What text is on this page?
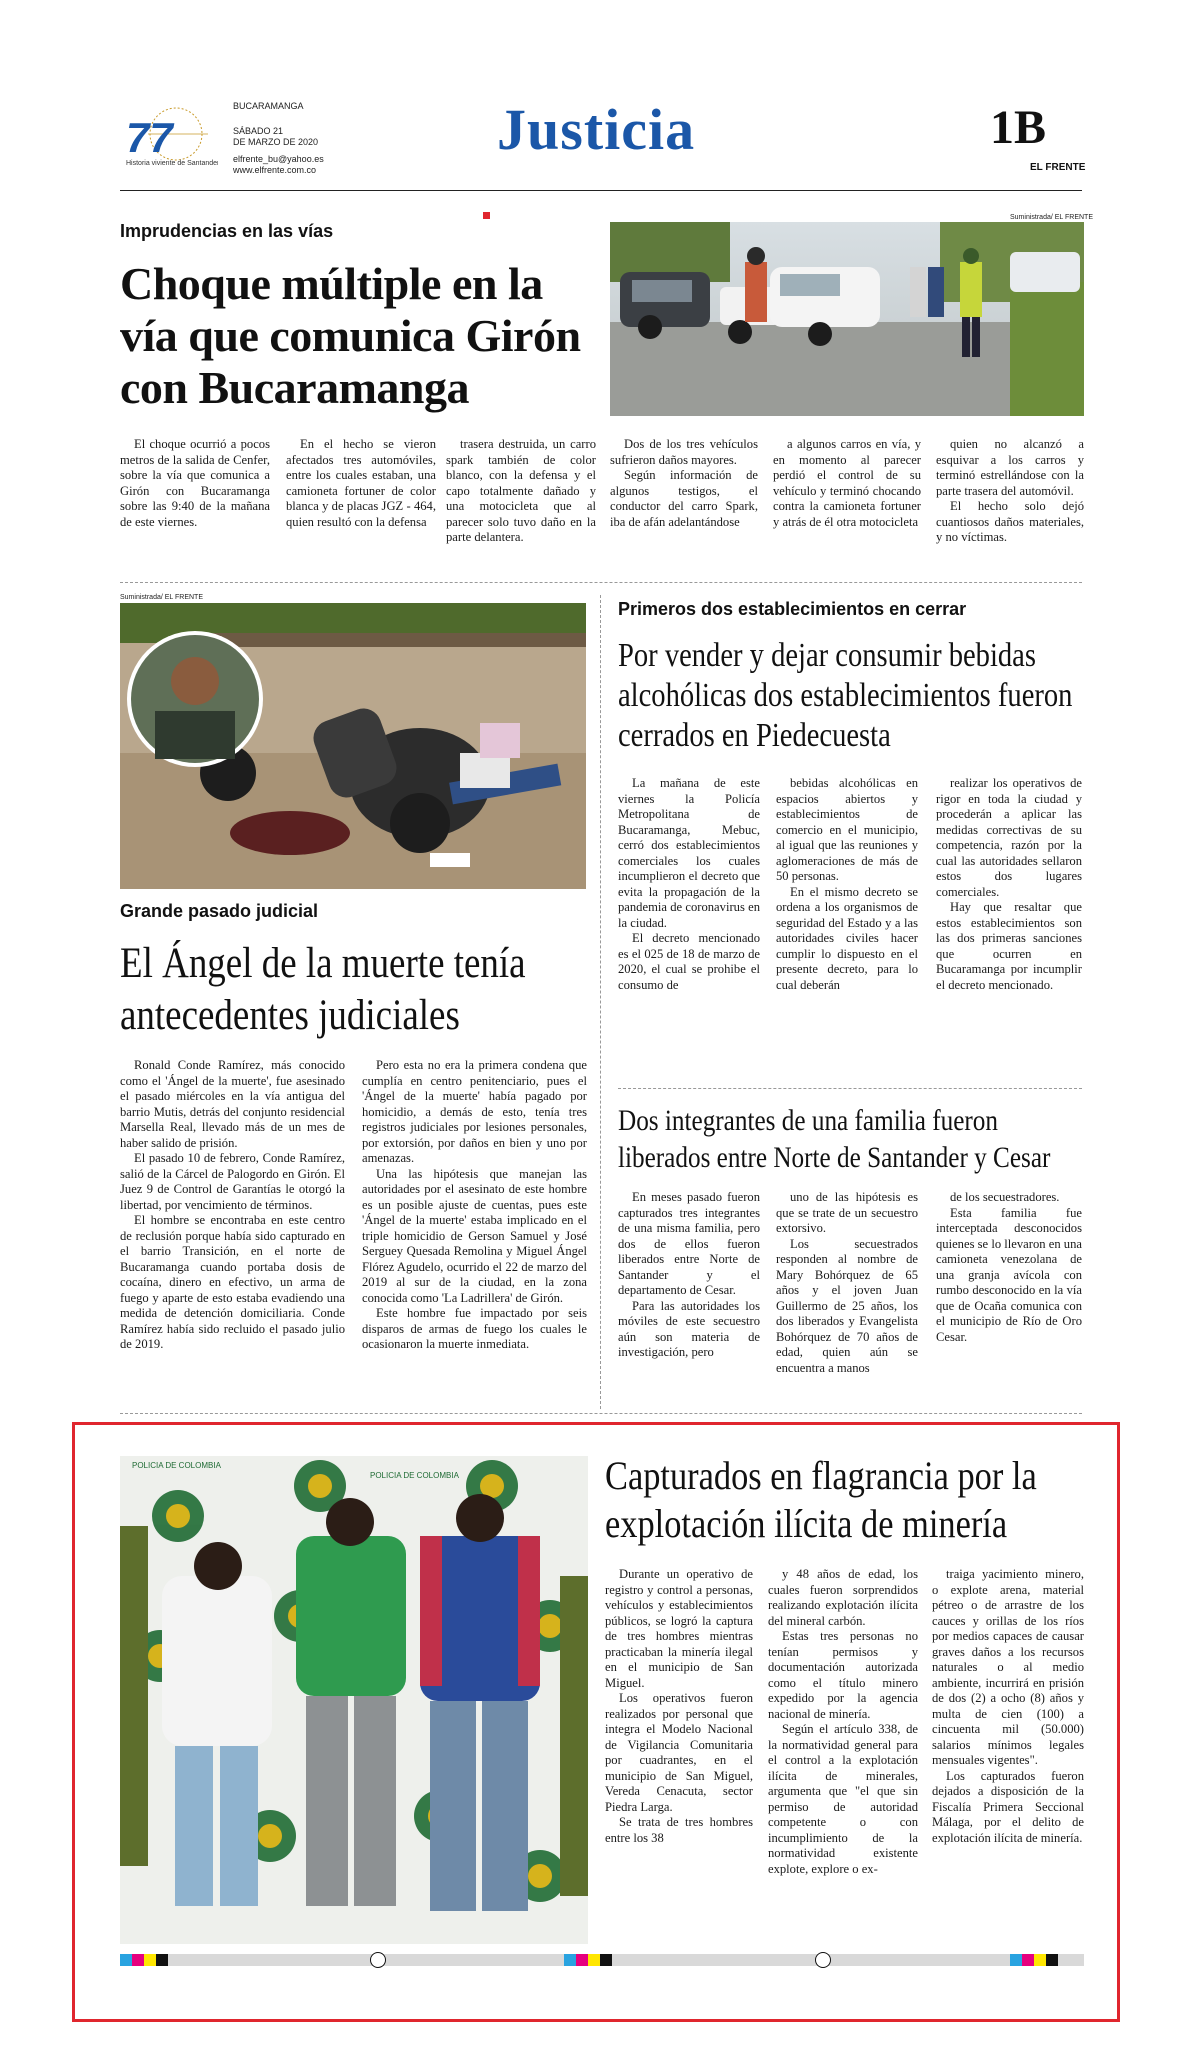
77
Historia viviente de Santander
BUCARAMANGA
SÁBADO 21
DE MARZO DE 2020
elfrente_bu@yahoo.es
www.elfrente.com.co
Justicia	1B
EL FRENTE
Imprudencias en las vías
Choque múltiple en la vía que comunica Girón con Bucaramanga
Suministrada/ EL FRENTE

El choque ocurrió a pocos metros de la salida de Cenfer, sobre la vía que comunica a Girón con Bucaramanga sobre las 9:40 de la mañana de este viernes.

En el hecho se vieron afectados tres automóviles, entre los cuales estaban, una camioneta fortuner de color blanca y de placas JGZ - 464, quien resultó con la defensa

trasera destruida, un carro spark también de color blanco, con la defensa y el capo totalmente dañado y una motocicleta que al parecer solo tuvo daño en la parte delantera.

Dos de los tres vehículos sufrieron daños mayores.

Según información de algunos testigos, el conductor del carro Spark, iba de afán adelantándose

a algunos carros en vía, y en momento al parecer perdió el control de su vehículo y terminó chocando contra la camioneta fortuner y atrás de él otra motocicleta

quien no alcanzó a esquivar a los carros y terminó estrellándose con la parte trasera del automóvil.

El hecho solo dejó cuantiosos daños materiales, y no víctimas.

Suministrada/ EL FRENTE
Grande pasado judicial
El Ángel de la muerte tenía antecedentes judiciales

Ronald Conde Ramírez, más conocido como el 'Ángel de la muerte', fue asesinado el pasado miércoles en la vía antigua del barrio Mutis, detrás del conjunto residencial Marsella Real, llevado más de un mes de haber salido de prisión.

El pasado 10 de febrero, Conde Ramírez, salió de la Cárcel de Palogordo en Girón. El Juez 9 de Control de Garantías le otorgó la libertad, por vencimiento de términos.

El hombre se encontraba en este centro de reclusión porque había sido capturado en el barrio Transición, en el norte de Bucaramanga cuando portaba dosis de cocaína, dinero en efectivo, un arma de fuego y aparte de esto estaba evadiendo una medida de detención domiciliaria. Conde Ramírez había sido recluido el pasado julio de 2019.

Pero esta no era la primera condena que cumplía en centro penitenciario, pues el 'Ángel de la muerte' había pagado por homicidio, a demás de esto, tenía tres registros judiciales por lesiones personales, por extorsión, por daños en bien y uno por amenazas.

Una las hipótesis que manejan las autoridades por el asesinato de este hombre es un posible ajuste de cuentas, pues este 'Ángel de la muerte' estaba implicado en el triple homicidio de Gerson Samuel y José Serguey Quesada Remolina y Miguel Ángel Flórez Agudelo, ocurrido el 22 de marzo del 2019 al sur de la ciudad, en la zona conocida como 'La Ladrillera' de Girón.

Este hombre fue impactado por seis disparos de armas de fuego los cuales le ocasionaron la muerte inmediata.

Primeros dos establecimientos en cerrar
Por vender y dejar consumir bebidas alcohólicas dos establecimientos fueron cerrados en Piedecuesta

La mañana de este viernes la Policía Metropolitana de Bucaramanga, Mebuc, cerró dos establecimientos comerciales los cuales incumplieron el decreto que evita la propagación de la pandemia de coronavirus en la ciudad.

El decreto mencionado es el 025 de 18 de marzo de 2020, el cual se prohibe el consumo de

bebidas alcohólicas en espacios abiertos y establecimientos de comercio en el municipio, al igual que las reuniones y aglomeraciones de más de 50 personas.

En el mismo decreto se ordena a los organismos de seguridad del Estado y a las autoridades civiles hacer cumplir lo dispuesto en el presente decreto, para lo cual deberán

realizar los operativos de rigor en toda la ciudad y procederán a aplicar las medidas correctivas de su competencia, razón por la cual las autoridades sellaron estos dos lugares comerciales.

Hay que resaltar que estos establecimientos son las dos primeras sanciones que ocurren en Bucaramanga por incumplir el decreto mencionado.

Dos integrantes de una familia fueron liberados entre Norte de Santander y Cesar

En meses pasado fueron capturados tres integrantes de una misma familia, pero dos de ellos fueron liberados entre Norte de Santander y el departamento de Cesar.

Para las autoridades los móviles de este secuestro aún son materia de investigación, pero

uno de las hipótesis es que se trate de un secuestro extorsivo.

Los secuestrados responden al nombre de Mary Bohórquez de 65 años y el joven Juan Guillermo de 25 años, los dos liberados y Evangelista Bohórquez de 70 años de edad, quien aún se encuentra a manos

de los secuestradores.

Esta familia fue interceptada desconocidos quienes se lo llevaron en una camioneta venezolana de una granja avícola con rumbo desconocido en la vía que de Ocaña comunica con el municipio de Río de Oro Cesar.

POLICIA DE COLOMBIA
POLICIA DE COLOMBIA	Capturados en flagrancia por la explotación ilícita de minería

Durante un operativo de registro y control a personas, vehículos y establecimientos públicos, se logró la captura de tres hombres mientras practicaban la minería ilegal en el municipio de San Miguel.

Los operativos fueron realizados por personal que integra el Modelo Nacional de Vigilancia Comunitaria por cuadrantes, en el municipio de San Miguel, Vereda Cenacuta, sector Piedra Larga.

Se trata de tres hombres entre los 38

y 48 años de edad, los cuales fueron sorprendidos realizando explotación ilícita del mineral carbón.

Estas tres personas no tenían permisos y documentación autorizada como el título minero expedido por la agencia nacional de minería.

Según el artículo 338, de la normatividad general para el control a la explotación ilícita de minerales, argumenta que "el que sin permiso de autoridad competente o con incumplimiento de la normatividad existente explote, explore o ex-

traiga yacimiento minero, o explote arena, material pétreo o de arrastre de los cauces y orillas de los ríos por medios capaces de causar graves daños a los recursos naturales o al medio ambiente, incurrirá en prisión de dos (2) a ocho (8) años y multa de cien (100) a cincuenta mil (50.000) salarios mínimos legales mensuales vigentes".

Los capturados fueron dejados a disposición de la Fiscalía Primera Seccional Málaga, por el delito de explotación ilícita de minería.
